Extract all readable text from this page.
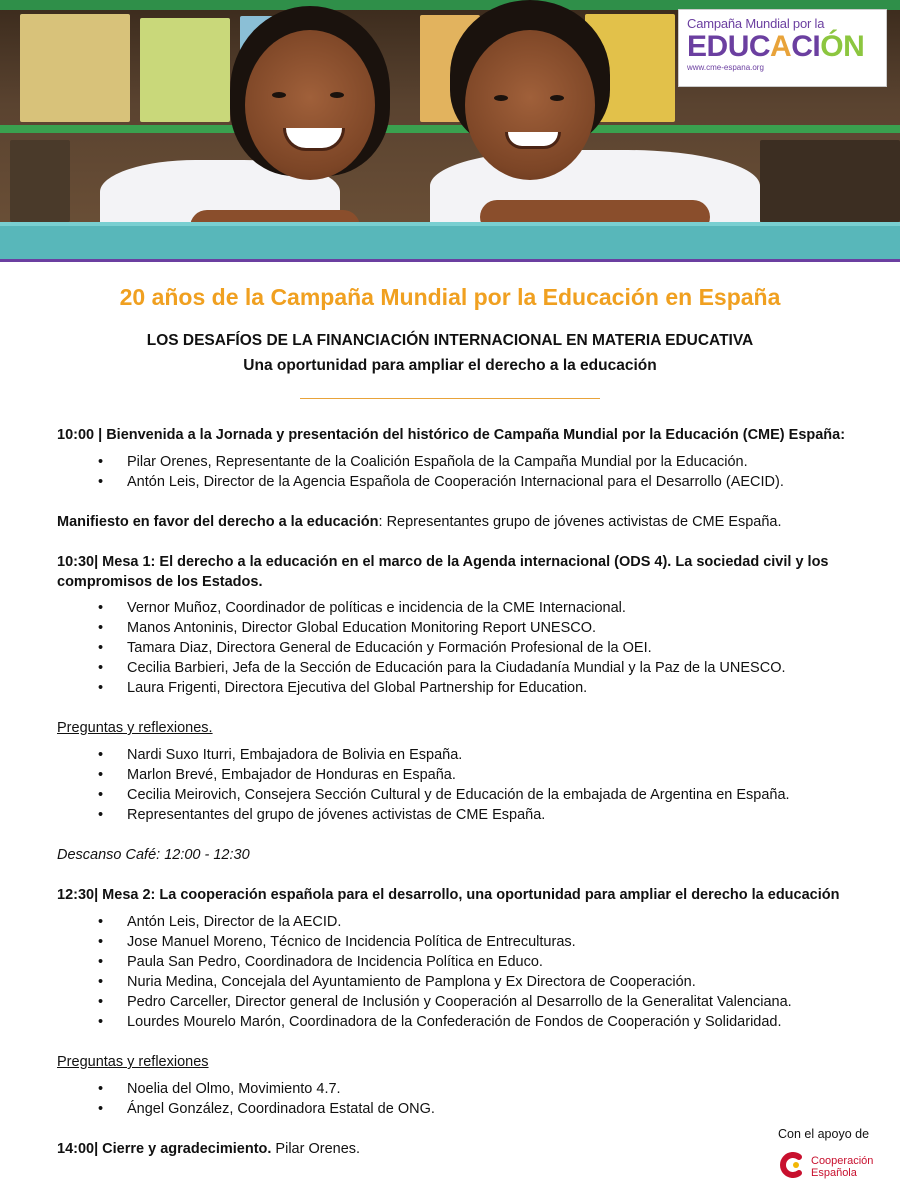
Campaña Mundial por la
EDUCACIÓN
www.cme-espana.org
20 años de la Campaña Mundial por la Educación en España
LOS DESAFÍOS DE LA FINANCIACIÓN INTERNACIONAL EN MATERIA EDUCATIVA
Una oportunidad para ampliar el derecho a la educación
10:00 | Bienvenida a la Jornada y presentación del histórico de Campaña Mundial por la Educación (CME) España:
• Pilar Orenes, Representante de la Coalición Española de la Campaña Mundial por la Educación.
• Antón Leis, Director de la Agencia Española de Cooperación Internacional para el Desarrollo (AECID).
Manifiesto en favor del derecho a la educación: Representantes grupo de jóvenes activistas de CME España.
10:30| Mesa 1: El derecho a la educación en el marco de la Agenda internacional (ODS 4). La sociedad civil y los
compromisos de los Estados.
• Vernor Muñoz, Coordinador de políticas e incidencia de la CME Internacional.
• Manos Antoninis, Director Global Education Monitoring Report UNESCO.
• Tamara Diaz, Directora General de Educación y Formación Profesional de la OEI.
• Cecilia Barbieri, Jefa de la Sección de Educación para la Ciudadanía Mundial y la Paz de la UNESCO.
• Laura Frigenti, Directora Ejecutiva del Global Partnership for Education.
Preguntas y reflexiones.
• Nardi Suxo Iturri, Embajadora de Bolivia en España.
• Marlon Brevé, Embajador de Honduras en España.
• Cecilia Meirovich, Consejera Sección Cultural y de Educación de la embajada de Argentina en España.
• Representantes del grupo de jóvenes activistas de CME España.
Descanso Café: 12:00 - 12:30
12:30| Mesa 2: La cooperación española para el desarrollo, una oportunidad para ampliar el derecho la educación
• Antón Leis, Director de la AECID.
• Jose Manuel Moreno, Técnico de Incidencia Política de Entreculturas.
• Paula San Pedro, Coordinadora de Incidencia Política en Educo.
• Nuria Medina, Concejala del Ayuntamiento de Pamplona y Ex Directora de Cooperación.
• Pedro Carceller, Director general de Inclusión y Cooperación al Desarrollo de la Generalitat Valenciana.
• Lourdes Mourelo Marón, Coordinadora de la Confederación de Fondos de Cooperación y Solidaridad.
Preguntas y reflexiones
• Noelia del Olmo, Movimiento 4.7.
• Ángel González, Coordinadora Estatal de ONG.
14:00| Cierre y agradecimiento. Pilar Orenes.
Con el apoyo de
Cooperación
Española
